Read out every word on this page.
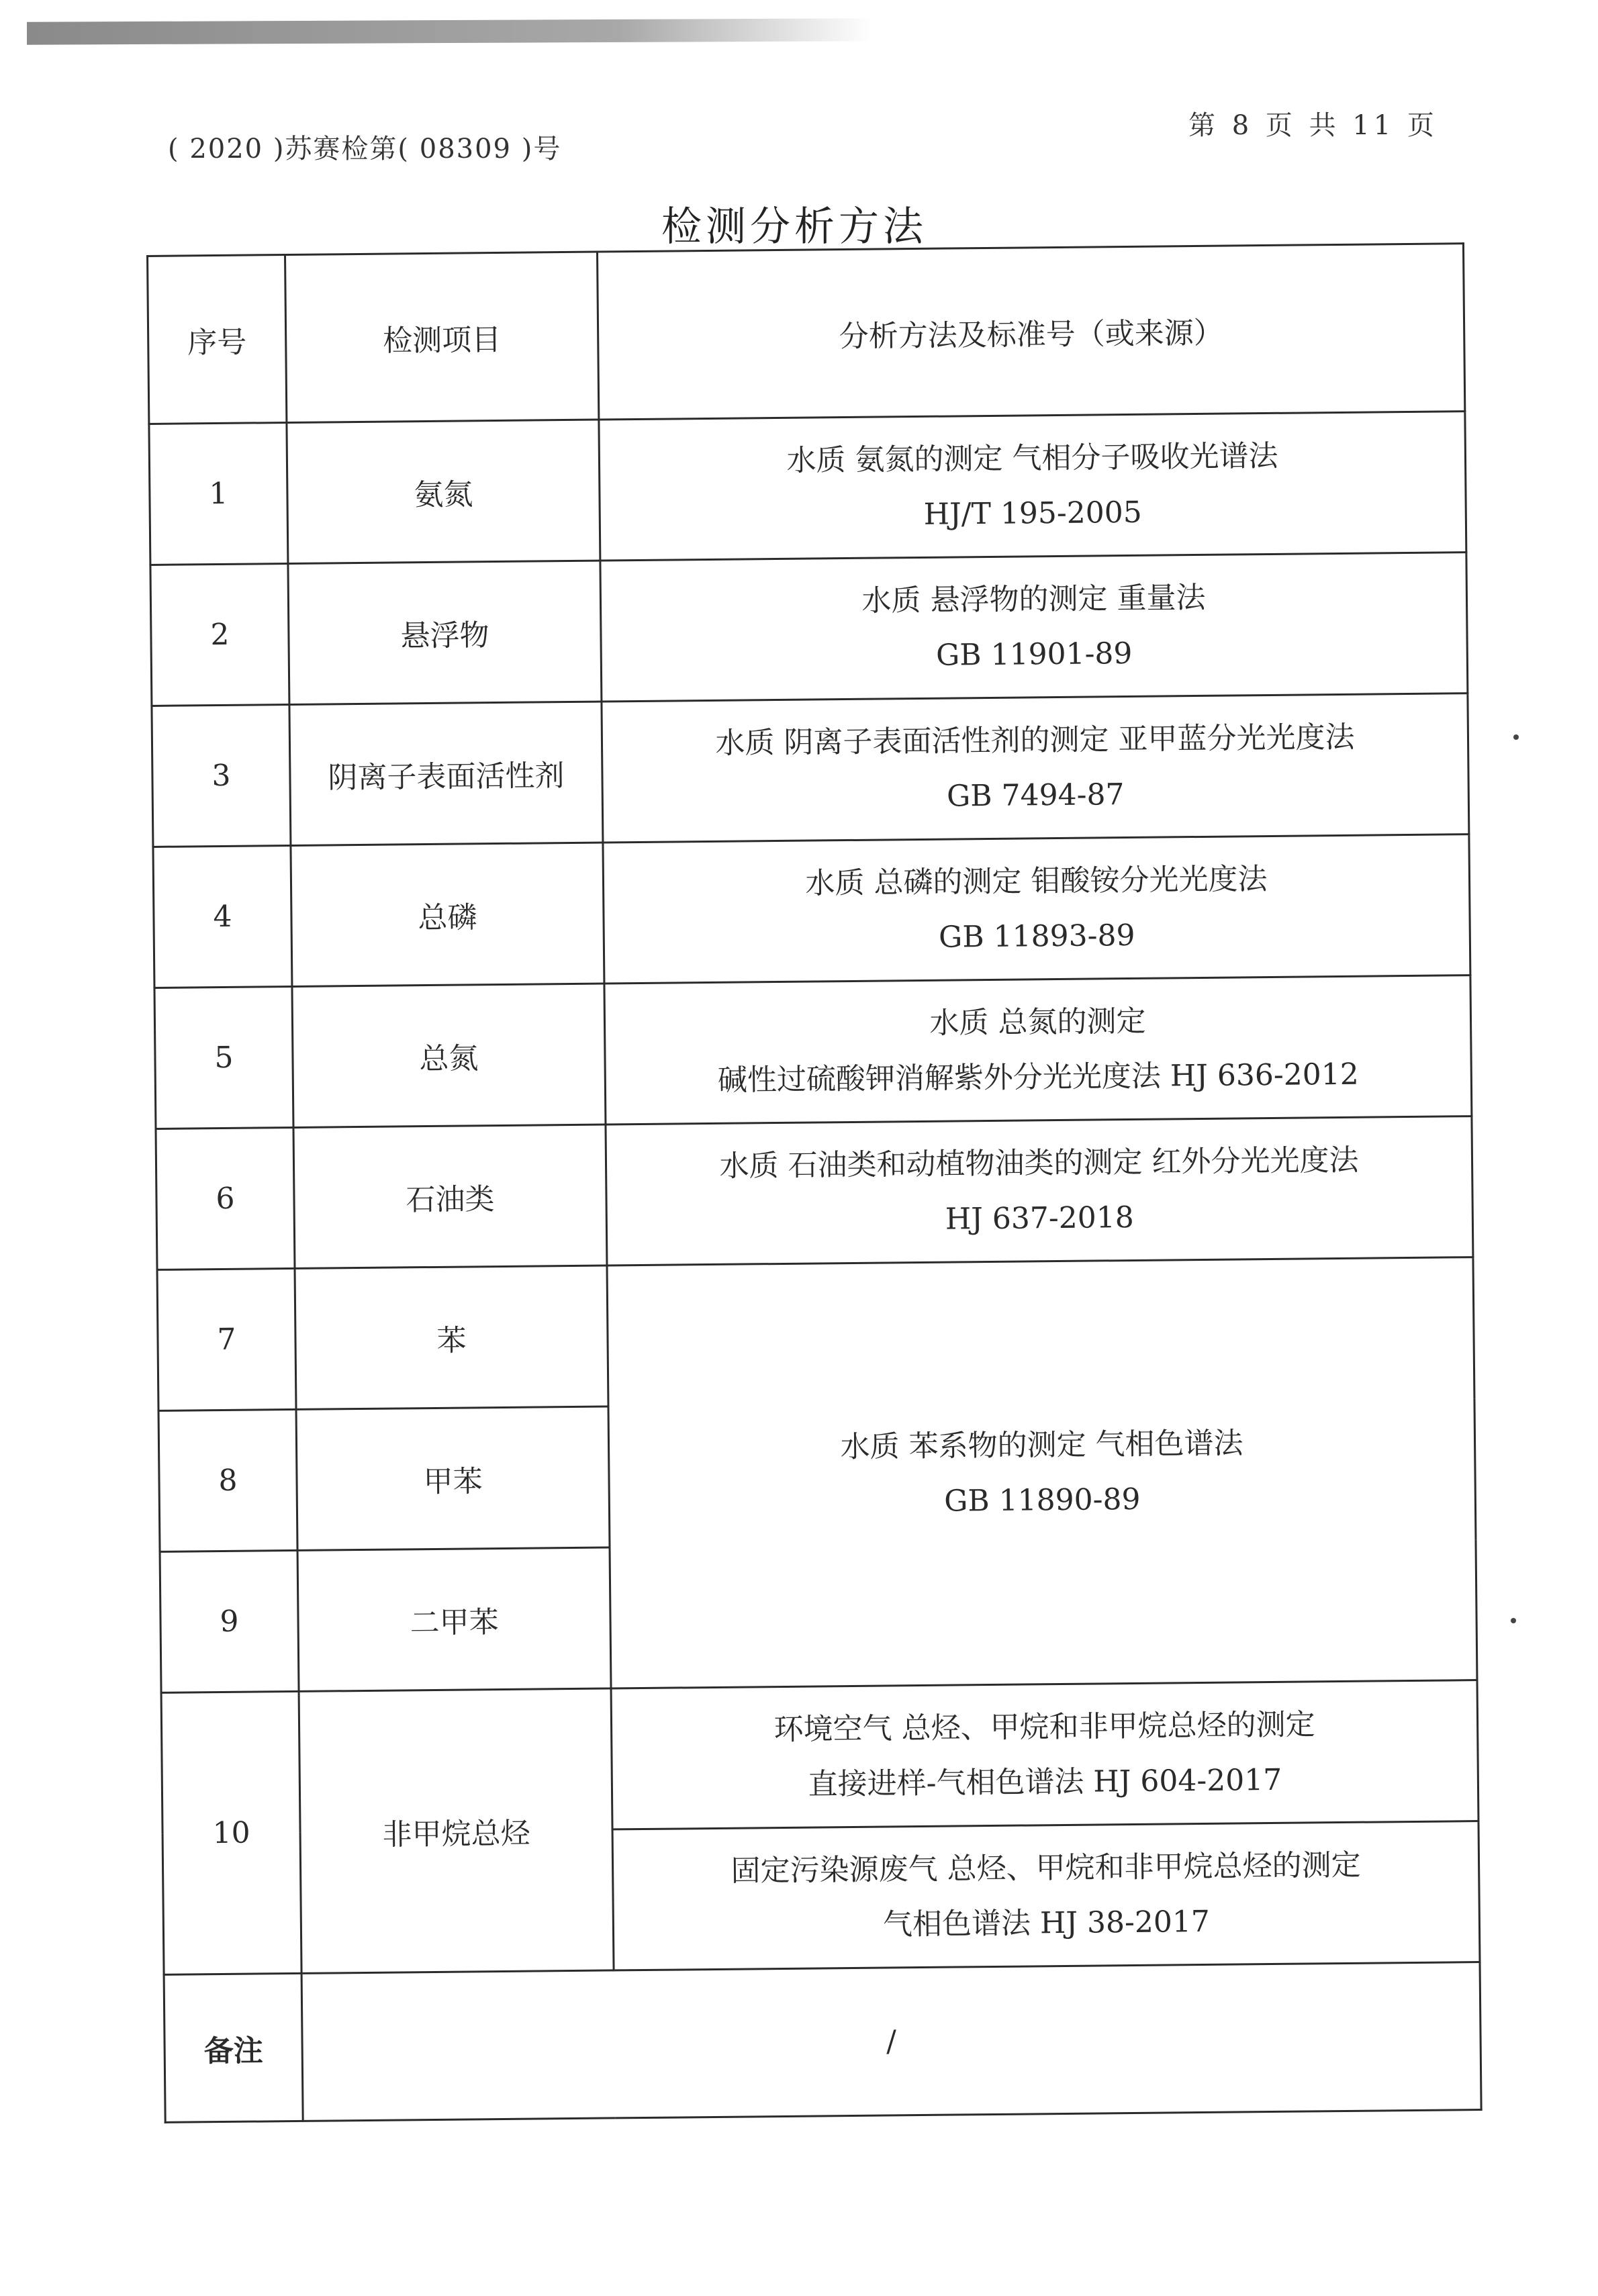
( 2020 )苏赛检第( 08309 )号
第 8 页 共 11 页
检测分析方法
序号	检测项目	分析方法及标准号（或来源）
1	氨氮	水质 氨氮的测定 气相分子吸收光谱法
HJ/T 195-2005

2	悬浮物	水质 悬浮物的测定 重量法
GB 11901-89

3	阴离子表面活性剂	水质 阴离子表面活性剂的测定 亚甲蓝分光光度法
GB 7494-87

4	总磷	水质 总磷的测定 钼酸铵分光光度法
GB 11893-89

5	总氮	水质 总氮的测定
碱性过硫酸钾消解紫外分光光度法 HJ 636-2012

6	石油类	水质 石油类和动植物油类的测定 红外分光光度法
HJ 637-2018

7	苯	水质 苯系物的测定 气相色谱法
GB 11890-89

8	甲苯	
9	二甲苯	
10	非甲烷总烃	环境空气 总烃、甲烷和非甲烷总烃的测定
直接进样-气相色谱法 HJ 604-2017

		固定污染源废气 总烃、甲烷和非甲烷总烃的测定
气相色谱法 HJ 38-2017

备注	/	
